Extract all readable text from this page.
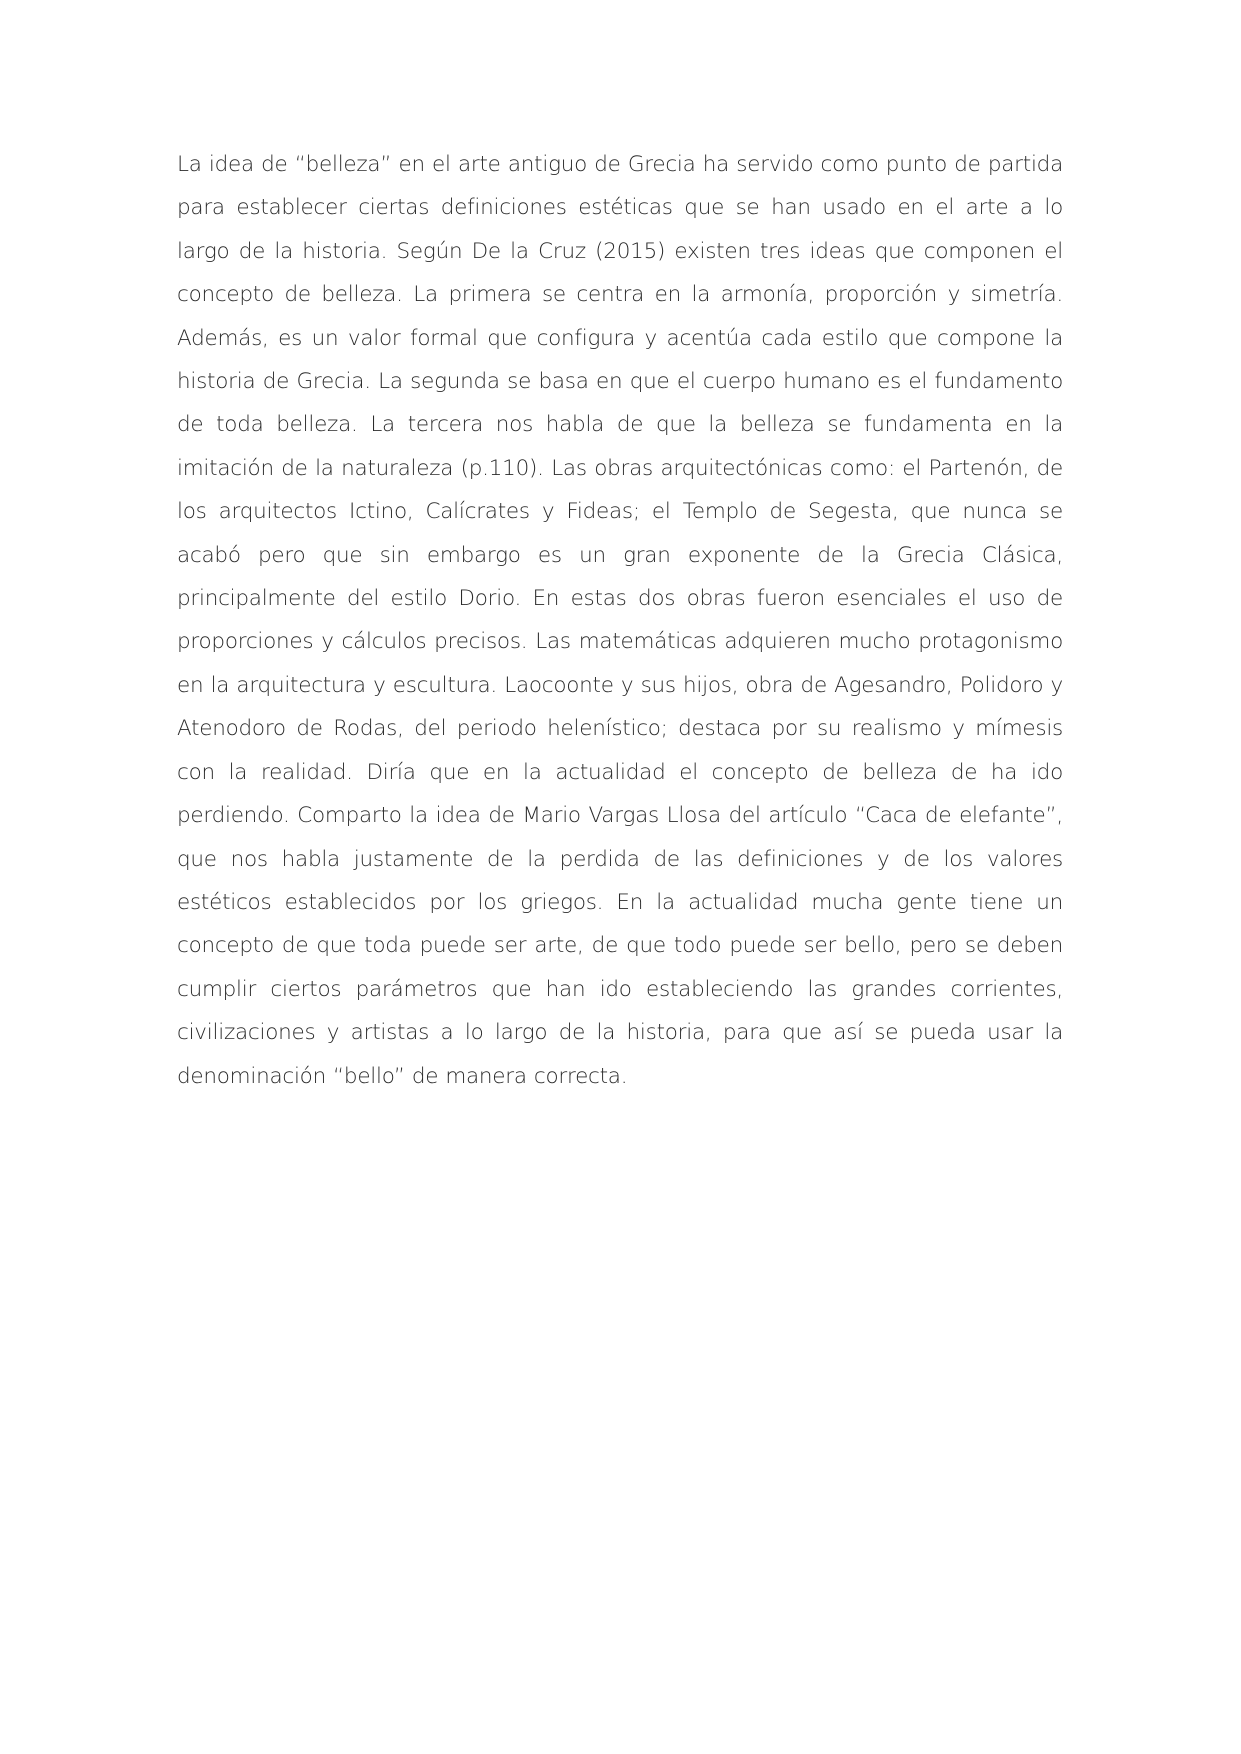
La idea de “belleza” en el arte antiguo de Grecia ha servido como punto de partida para establecer ciertas definiciones estéticas que se han usado en el arte a lo largo de la historia. Según De la Cruz (2015) existen tres ideas que componen el concepto de belleza. La primera se centra en la armonía, proporción y simetría. Además, es un valor formal que configura y acentúa cada estilo que compone la historia de Grecia. La segunda se basa en que el cuerpo humano es el fundamento de toda belleza. La tercera nos habla de que la belleza se fundamenta en la imitación de la naturaleza (p.110). Las obras arquitectónicas como: el Partenón, de los arquitectos Ictino, Calícrates y Fideas; el Templo de Segesta, que nunca se acabó pero que sin embargo es un gran exponente de la Grecia Clásica, principalmente del estilo Dorio. En estas dos obras fueron esenciales el uso de proporciones y cálculos precisos. Las matemáticas adquieren mucho protagonismo en la arquitectura y escultura. Laocoonte y sus hijos, obra de Agesandro, Polidoro y Atenodoro de Rodas, del periodo helenístico; destaca por su realismo y mímesis con la realidad. Diría que en la actualidad el concepto de belleza de ha ido perdiendo. Comparto la idea de Mario Vargas Llosa del artículo “Caca de elefante”, que nos habla justamente de la perdida de las definiciones y de los valores estéticos establecidos por los griegos. En la actualidad mucha gente tiene un concepto de que toda puede ser arte, de que todo puede ser bello, pero se deben cumplir ciertos parámetros que han ido estableciendo las grandes corrientes, civilizaciones y artistas a lo largo de la historia, para que así se pueda usar la denominación “bello” de manera correcta.
